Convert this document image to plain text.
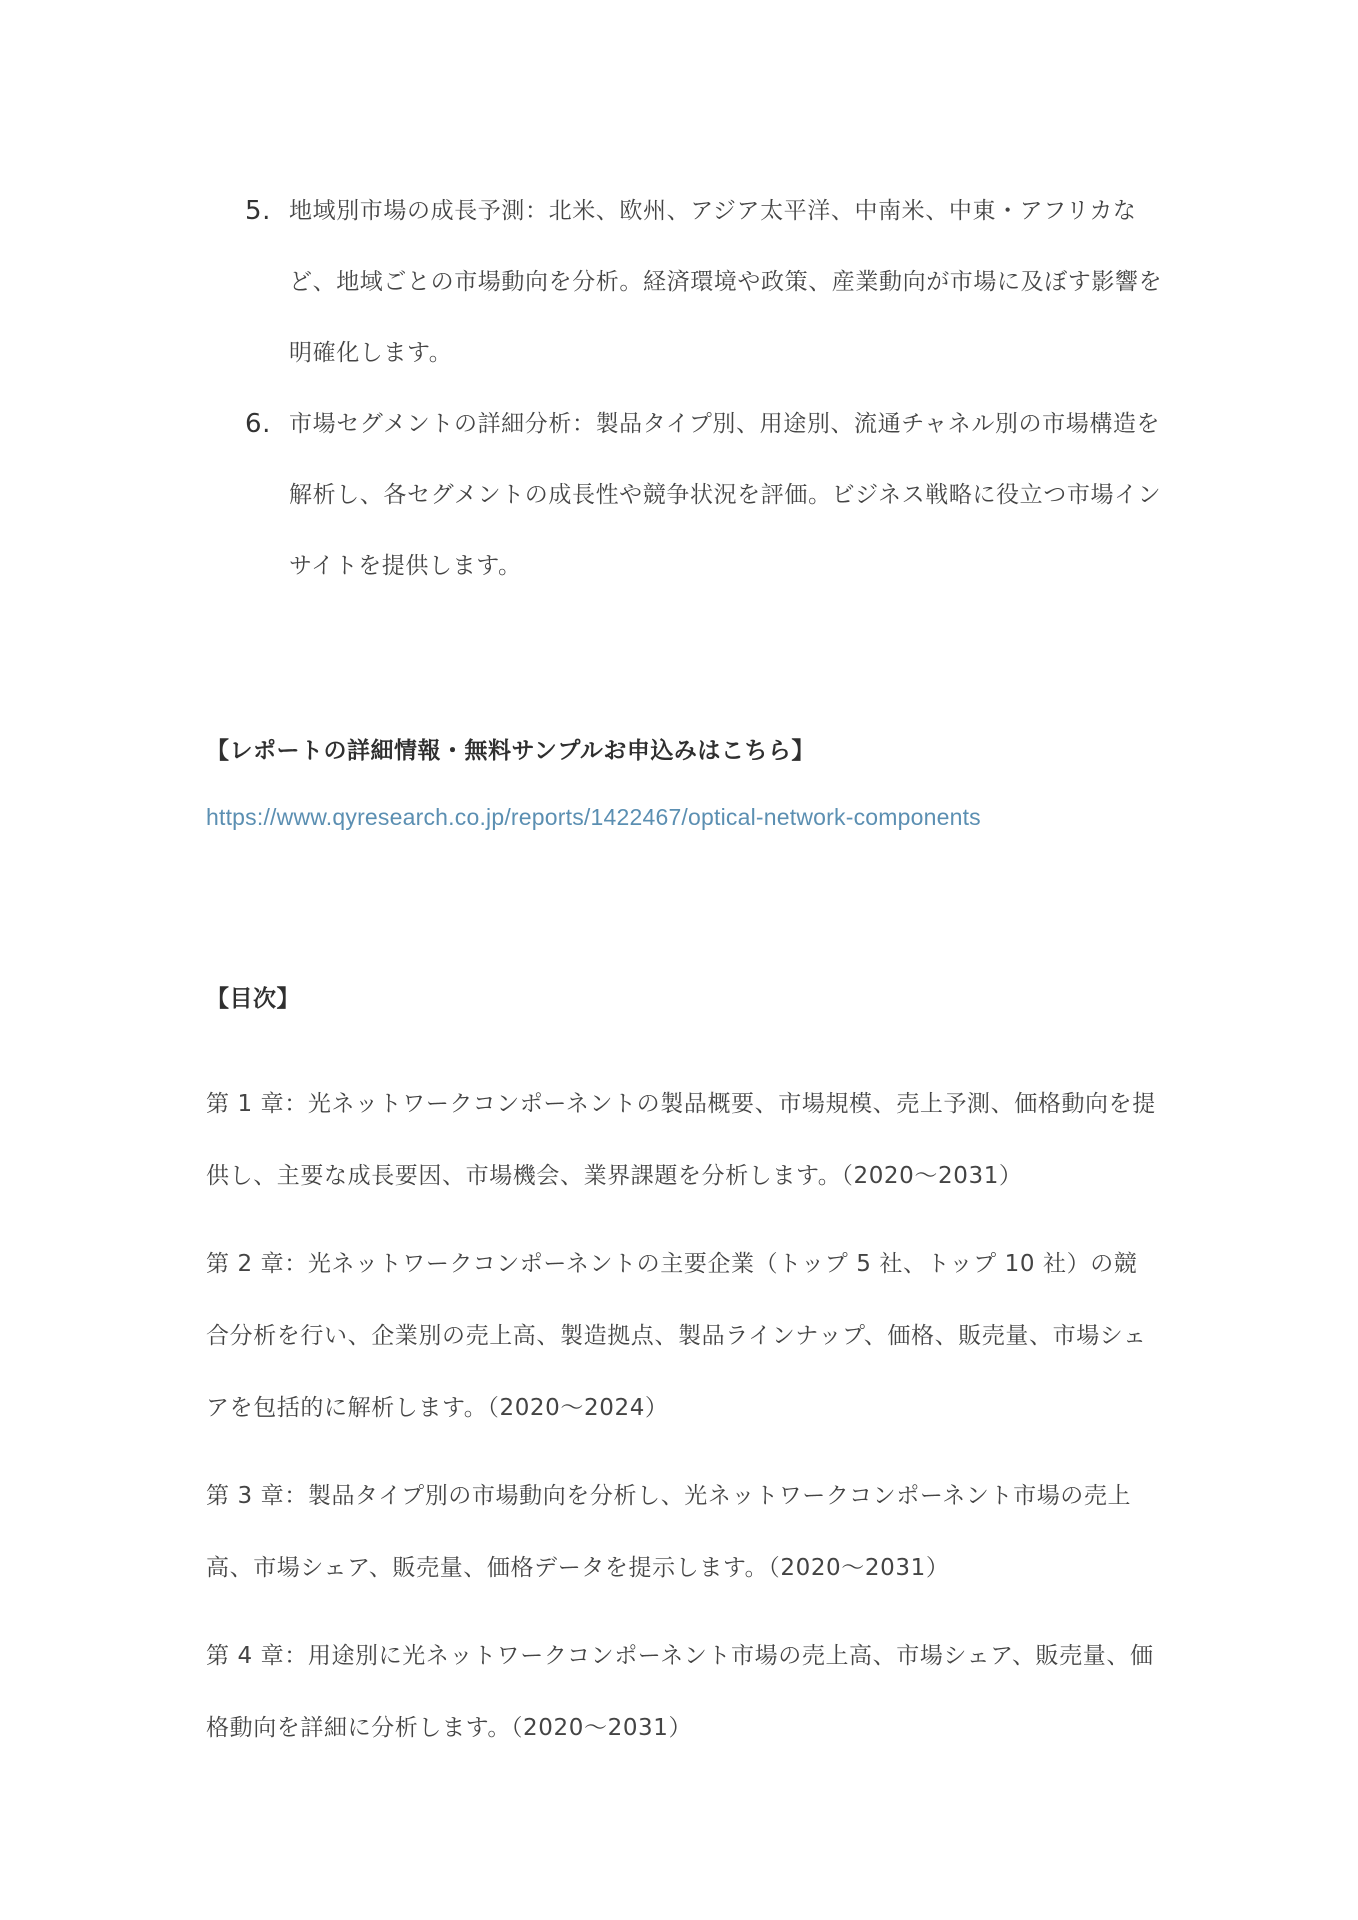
5. 地域別市場の成長予測：北米、欧州、アジア太平洋、中南米、中東・アフリカなど、地域ごとの市場動向を分析。経済環境や政策、産業動向が市場に及ぼす影響を明確化します。
6. 市場セグメントの詳細分析：製品タイプ別、用途別、流通チャネル別の市場構造を解析し、各セグメントの成長性や競争状況を評価。ビジネス戦略に役立つ市場インサイトを提供します。
【レポートの詳細情報・無料サンプルお申込みはこちら】
https://www.qyresearch.co.jp/reports/1422467/optical-network-components
【目次】

第 1 章：光ネットワークコンポーネントの製品概要、市場規模、売上予測、価格動向を提供し、主要な成長要因、市場機会、業界課題を分析します。（2020～2031）

第 2 章：光ネットワークコンポーネントの主要企業（トップ 5 社、トップ 10 社）の競合分析を行い、企業別の売上高、製造拠点、製品ラインナップ、価格、販売量、市場シェアを包括的に解析します。（2020～2024）

第 3 章：製品タイプ別の市場動向を分析し、光ネットワークコンポーネント市場の売上高、市場シェア、販売量、価格データを提示します。（2020～2031）

第 4 章：用途別に光ネットワークコンポーネント市場の売上高、市場シェア、販売量、価格動向を詳細に分析します。（2020～2031）
